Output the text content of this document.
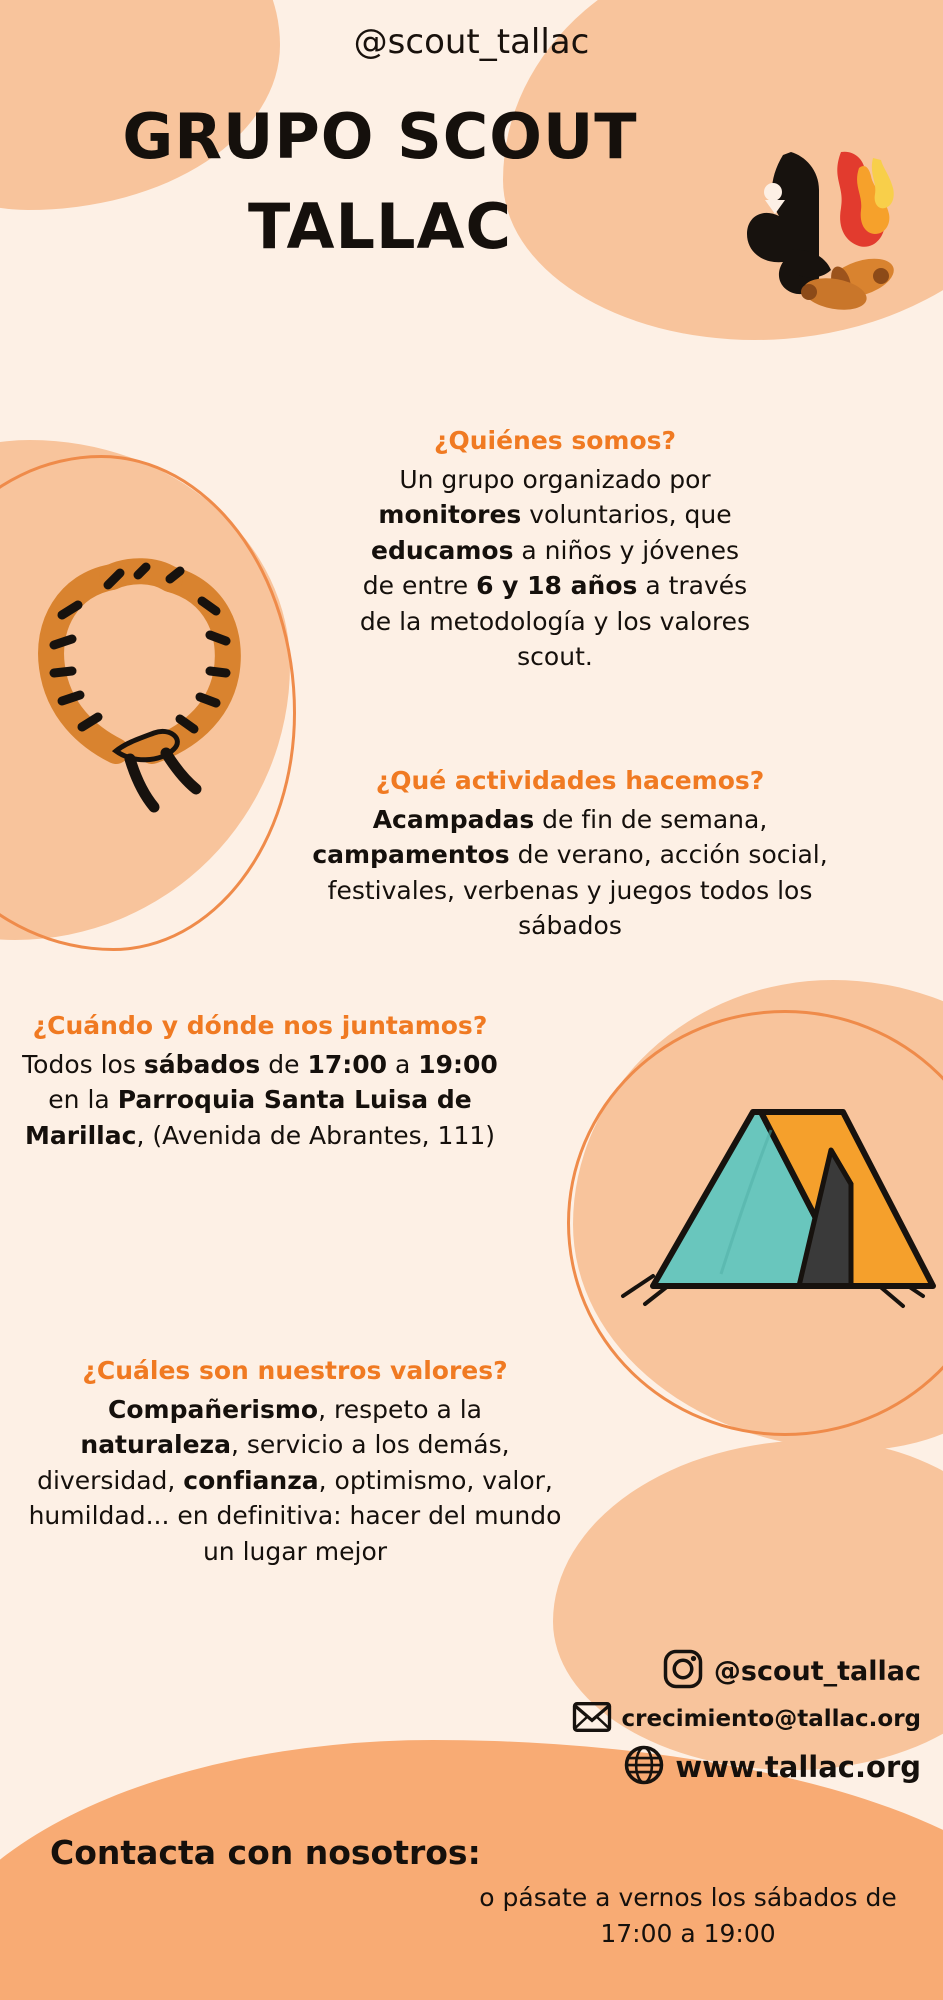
@scout_tallac
GRUPO SCOUT
TALLAC

¿Quiénes somos?

Un grupo organizado por monitores voluntarios, que educamos a niños y jóvenes de entre 6 y 18 años a través de la metodología y los valores scout.

¿Qué actividades hacemos?

Acampadas de fin de semana, campamentos de verano, acción social, festivales, verbenas y juegos todos los sábados

¿Cuándo y dónde nos juntamos?

Todos los sábados de 17:00 a 19:00 en la Parroquia Santa Luisa de Marillac, (Avenida de Abrantes, 111)

¿Cuáles son nuestros valores?

Compañerismo, respeto a la naturaleza, servicio a los demás, diversidad, confianza, optimismo, valor, humildad... en definitiva: hacer del mundo un lugar mejor

@scout_tallac
crecimiento@tallac.org
www.tallac.org
Contacta con nosotros:
o pásate a vernos los sábados de 17:00 a 19:00
